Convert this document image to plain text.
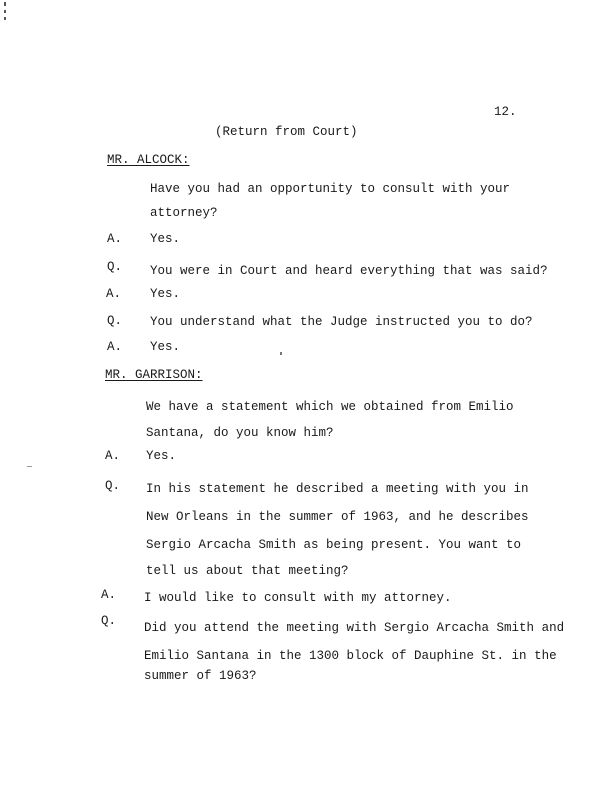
12.
(Return from Court)
MR. ALCOCK:
Have you had an opportunity to consult with your
attorney?
A. Yes.
Q. You were in Court and heard everything that was said?
A. Yes.
Q. You understand what the Judge instructed you to do?
A. Yes.
MR. GARRISON:
We have a statement which we obtained from Emilio
Santana, do you know him?
A. Yes.
Q. In his statement he described a meeting with you in
New Orleans in the summer of 1963, and he describes
Sergio Arcacha Smith as being present. You want to
tell us about that meeting?
A. I would like to consult with my attorney.
Q. Did you attend the meeting with Sergio Arcacha Smith and
Emilio Santana in the 1300 block of Dauphine St. in the
summer of 1963?
